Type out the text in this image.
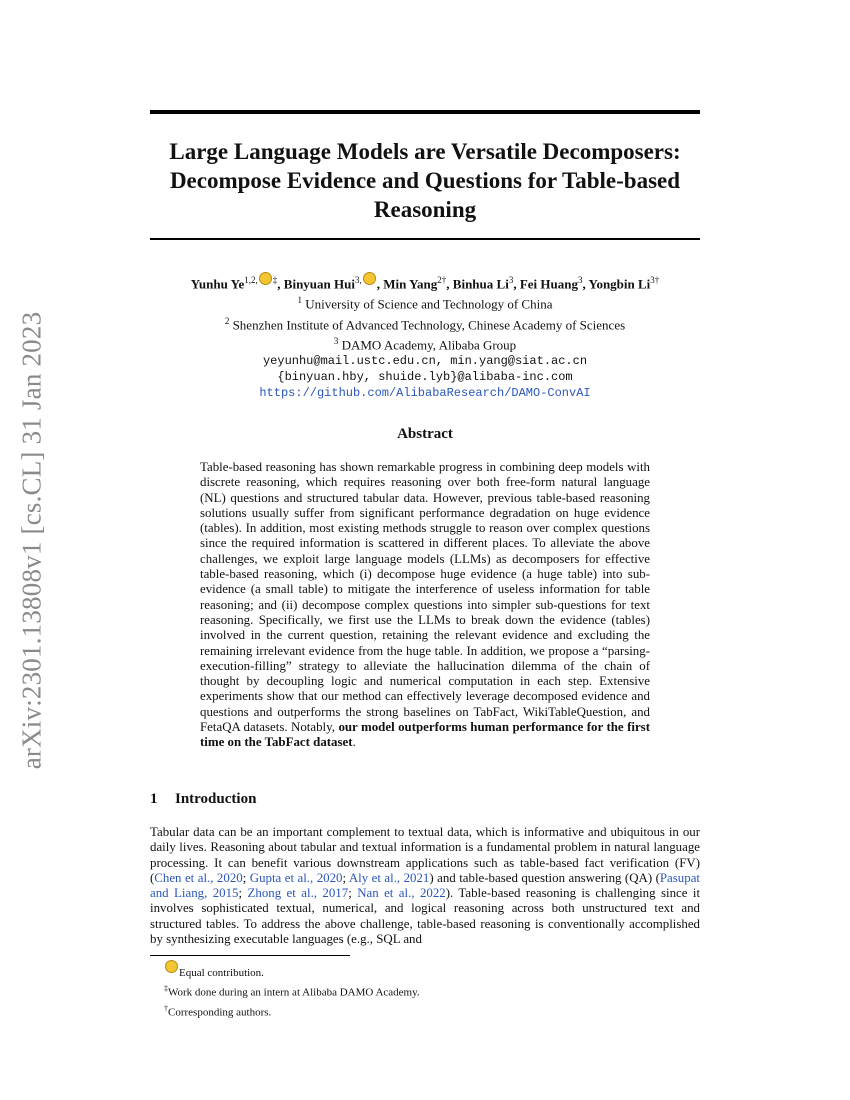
arXiv:2301.13808v1 [cs.CL] 31 Jan 2023
Large Language Models are Versatile Decomposers: Decompose Evidence and Questions for Table-based Reasoning
Yunhu $Ye^{1,2,}$ ‡, Binyuan Hui$^{3,}$ , Min Yang$^{2\dagger}$, Binhua Li$^3$, Fei Huang$^3$, Yongbin $Li^{3\dagger}$
$^1$ University of Science and Technology of China
$^2$ Shenzhen Institute of Advanced Technology, Chinese Academy of Sciences
$^3$ DAMO Academy, Alibaba Group
yeyunhu@mail.ustc.edu.cn, min.yang@siat.ac.cn
{binyuan.hby, shuide.lyb}@alibaba-inc.com
https://github.com/AlibabaResearch/DAMO-ConvAI
Abstract

Table-based reasoning has shown remarkable progress in combining deep models with discrete reasoning, which requires reasoning over both free-form natural language (NL) questions and structured tabular data. However, previous table-based reasoning solutions usually suffer from significant performance degradation on huge evidence (tables). In addition, most existing methods struggle to reason over complex questions since the required information is scattered in different places. To alleviate the above challenges, we exploit large language models (LLMs) as decomposers for effective table-based reasoning, which (i) decompose huge evidence (a huge table) into sub-evidence (a small table) to mitigate the interference of useless information for table reasoning; and (ii) decompose complex questions into simpler sub-questions for text reasoning. Specifically, we first use the LLMs to break down the evidence (tables) involved in the current question, retaining the relevant evidence and excluding the remaining irrelevant evidence from the huge table. In addition, we propose a “parsing-execution-filling” strategy to alleviate the hallucination dilemma of the chain of thought by decoupling logic and numerical computation in each step. Extensive experiments show that our method can effectively leverage decomposed evidence and questions and outperforms the strong baselines on TabFact, WikiTableQuestion, and FetaQA datasets. Notably, our model outperforms human performance for the first time on the TabFact dataset.

1 Introduction

Tabular data can be an important complement to textual data, which is informative and ubiquitous in our daily lives. Reasoning about tabular and textual information is a fundamental problem in natural language processing. It can benefit various downstream applications such as table-based fact verification (FV) (Chen et al., 2020; Gupta et al., 2020; Aly et al., 2021) and table-based question answering (QA) (Pasupat and Liang, 2015; Zhong et al., 2017; Nan et al., 2022). Table-based reasoning is challenging since it involves sophisticated textual, numerical, and logical reasoning across both unstructured text and structured tables. To address the above challenge, table-based reasoning is conventionally accomplished by synthesizing executable languages (e.g., SQL and

Equal contribution.
‡Work done during an intern at Alibaba DAMO Academy.
†Corresponding authors.
